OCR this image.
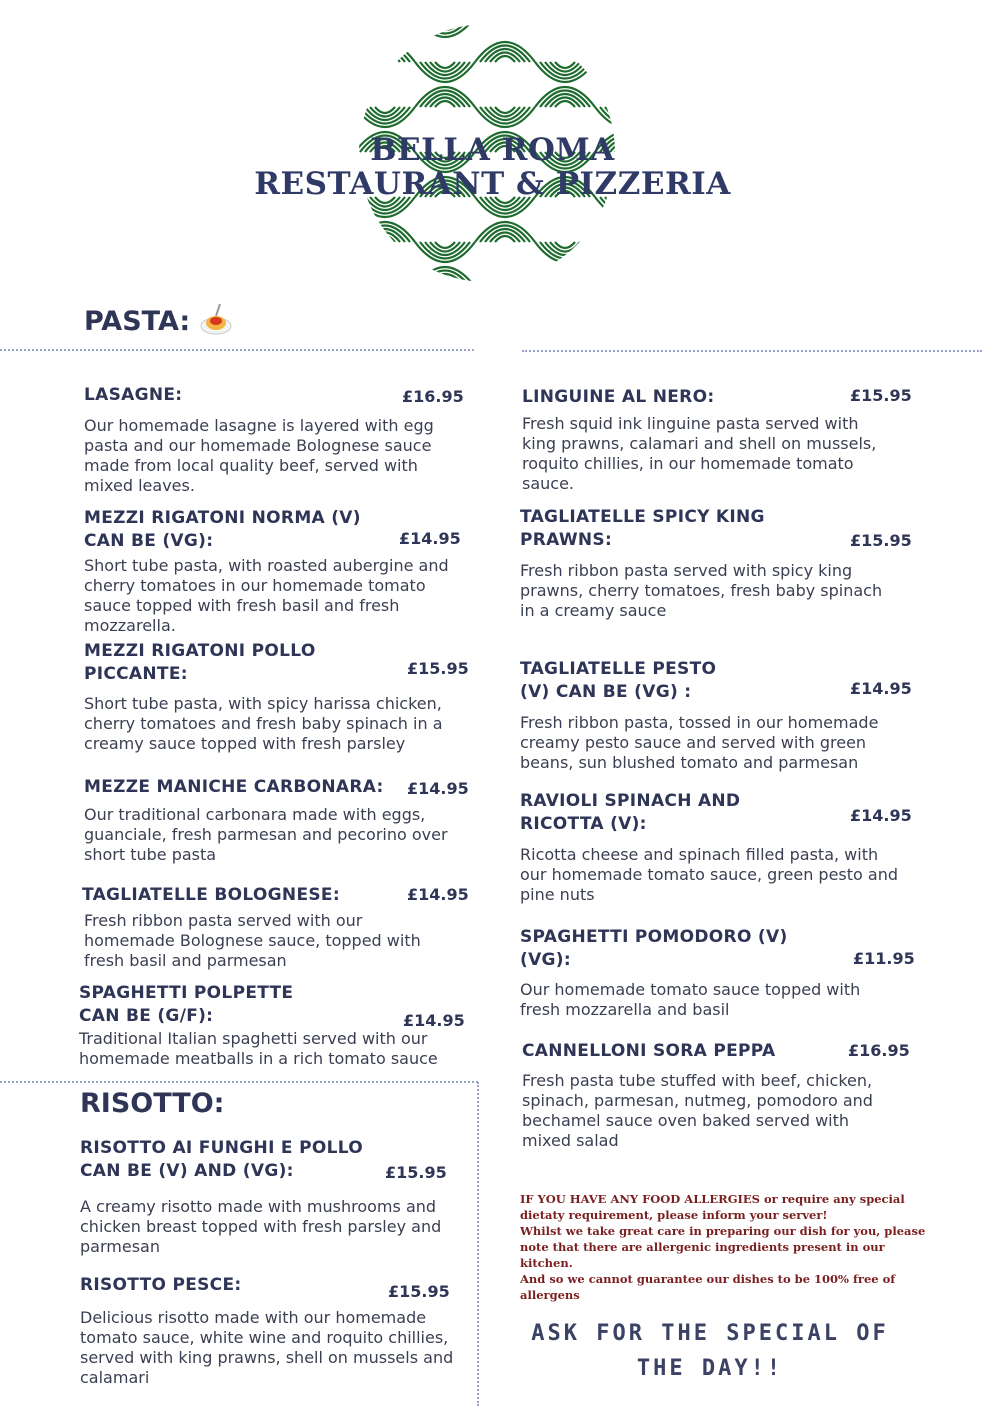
BELLA ROMA
RESTAURANT & PIZZERIA
PASTA:
LASAGNE:	£16.95
Our homemade lasagne is layered with egg pasta and our homemade Bolognese sauce made from local quality beef, served with mixed leaves.
MEZZI RIGATONI NORMA (V) CAN BE (VG):	£14.95
Short tube pasta, with roasted aubergine and cherry tomatoes in our homemade tomato sauce topped with fresh basil and fresh mozzarella.
MEZZI RIGATONI POLLO PICCANTE:	£15.95
Short tube pasta, with spicy harissa chicken, cherry tomatoes and fresh baby spinach in a creamy sauce topped with fresh parsley
MEZZE MANICHE CARBONARA: £14.95
Our traditional carbonara made with eggs, guanciale, fresh parmesan and pecorino over short tube pasta
TAGLIATELLE BOLOGNESE:	£14.95
Fresh ribbon pasta served with our homemade Bolognese sauce, topped with fresh basil and parmesan
SPAGHETTI POLPETTE CAN BE (G/F):	£14.95
Traditional Italian spaghetti served with our homemade meatballs in a rich tomato sauce
RISOTTO:
RISOTTO AI FUNGHI E POLLO CAN BE (V) AND (VG):	£15.95
A creamy risotto made with mushrooms and chicken breast topped with fresh parsley and parmesan
RISOTTO PESCE:	£15.95
Delicious risotto made with our homemade tomato sauce, white wine and roquito chillies, served with king prawns, shell on mussels and calamari
LINGUINE AL NERO:	£15.95
Fresh squid ink linguine pasta served with king prawns, calamari and shell on mussels, roquito chillies, in our homemade tomato sauce.
TAGLIATELLE SPICY KING PRAWNS:	£15.95
Fresh ribbon pasta served with spicy king prawns, cherry tomatoes, fresh baby spinach in a creamy sauce
TAGLIATELLE PESTO (V) CAN BE (VG) :	£14.95
Fresh ribbon pasta, tossed in our homemade creamy pesto sauce and served with green beans, sun blushed tomato and parmesan
RAVIOLI SPINACH AND RICOTTA (V):	£14.95
Ricotta cheese and spinach filled pasta, with our homemade tomato sauce, green pesto and pine nuts
SPAGHETTI POMODORO (V) (VG):	£11.95
Our homemade tomato sauce topped with fresh mozzarella and basil
CANNELLONI SORA PEPPA	£16.95
Fresh pasta tube stuffed with beef, chicken, spinach, parmesan, nutmeg, pomodoro and bechamel sauce oven baked served with mixed salad
IF YOU HAVE ANY FOOD ALLERGIES or require any special dietaty requirement, please inform your server!
Whilst we take great care in preparing our dish for you, please note that there are allergenic ingredients present in our kitchen.
And so we cannot guarantee our dishes to be 100% free of allergens
ASK FOR THE SPECIAL OF
THE DAY!!
